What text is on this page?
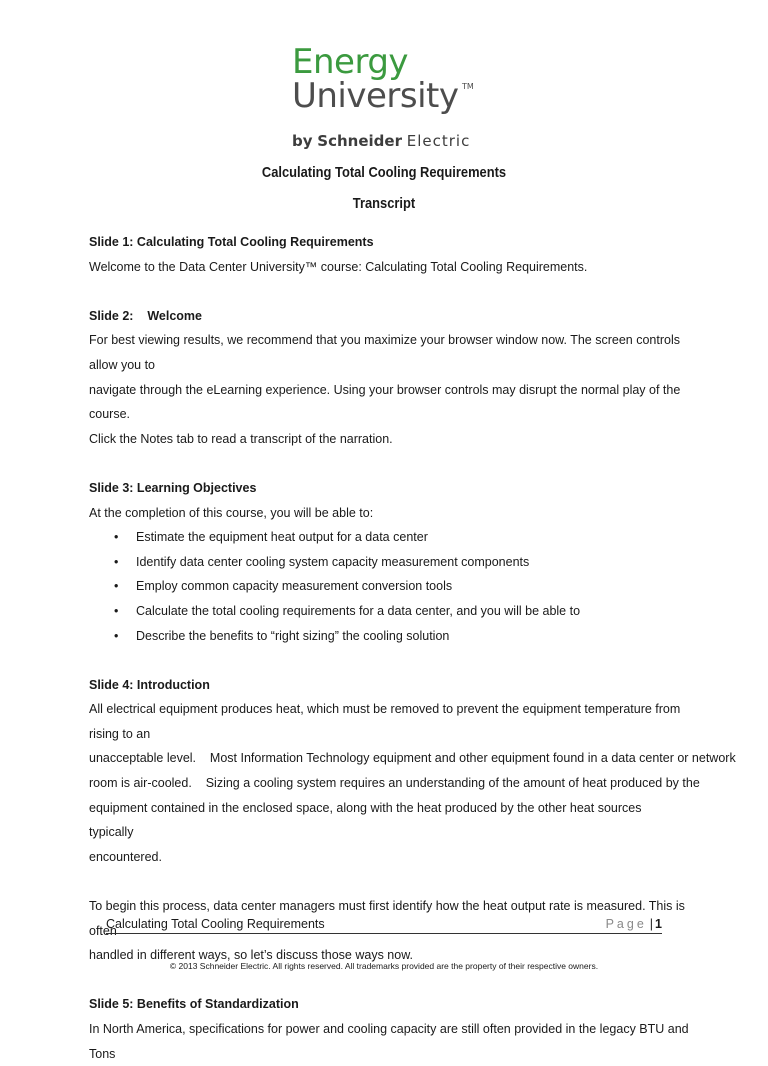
Energy
University TM
by Schneider Electric
Calculating Total Cooling Requirements
Transcript

Slide 1: Calculating Total Cooling Requirements

Welcome to the Data Center University™ course: Calculating Total Cooling Requirements.

Slide 2:    Welcome

For best viewing results, we recommend that you maximize your browser window now. The screen controls allow you to

navigate through the eLearning experience. Using your browser controls may disrupt the normal play of the course.

Click the Notes tab to read a transcript of the narration.

Slide 3: Learning Objectives

At the completion of this course, you will be able to:

• Estimate the equipment heat output for a data center
• Identify data center cooling system capacity measurement components
• Employ common capacity measurement conversion tools
• Calculate the total cooling requirements for a data center, and you will be able to
• Describe the benefits to “right sizing” the cooling solution

Slide 4: Introduction

All electrical equipment produces heat, which must be removed to prevent the equipment temperature from rising to an

unacceptable level.    Most Information Technology equipment and other equipment found in a data center or network

room is air-cooled.    Sizing a cooling system requires an understanding of the amount of heat produced by the

equipment contained in the enclosed space, along with the heat produced by the other heat sources typically

encountered.

To begin this process, data center managers must first identify how the heat output rate is measured. This is often

handled in different ways, so let’s discuss those ways now.

Slide 5: Benefits of Standardization

In North America, specifications for power and cooling capacity are still often provided in the legacy BTU and Tons

Calculating Total Cooling Requirements	Page | 1
© 2013 Schneider Electric. All rights reserved. All trademarks provided are the property of their respective owners.
